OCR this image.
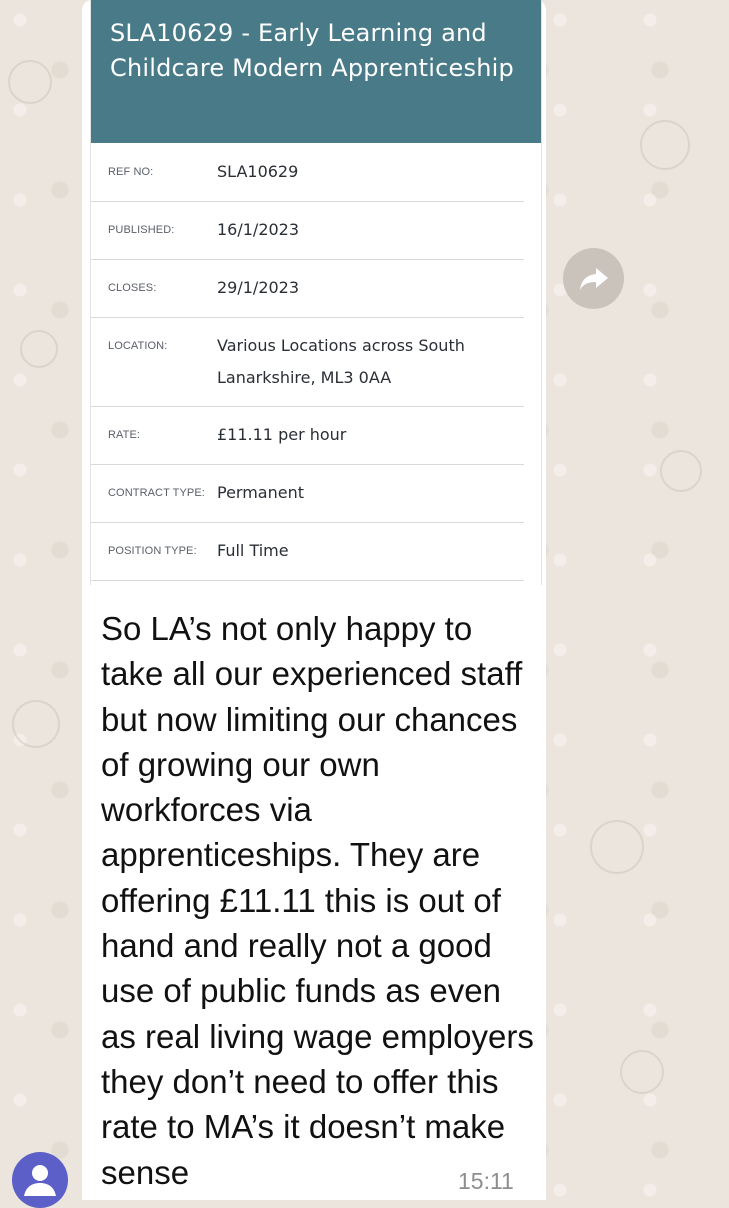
SLA10629 - Early Learning and Childcare Modern Apprenticeship
REF NO:	SLA10629
PUBLISHED:	16/1/2023
CLOSES:	29/1/2023
LOCATION:	Various Locations across South Lanarkshire, ML3 0AA
RATE:	£11.11 per hour
CONTRACT TYPE: Permanent
POSITION TYPE: Full Time

So LA’s not only happy to take all our experienced staff but now limiting our chances of growing our own workforces via apprenticeships. They are offering £11.11 this is out of hand and really not a good use of public funds as even as real living wage employers they don’t need to offer this rate to MA’s it doesn’t make sense	15:11
